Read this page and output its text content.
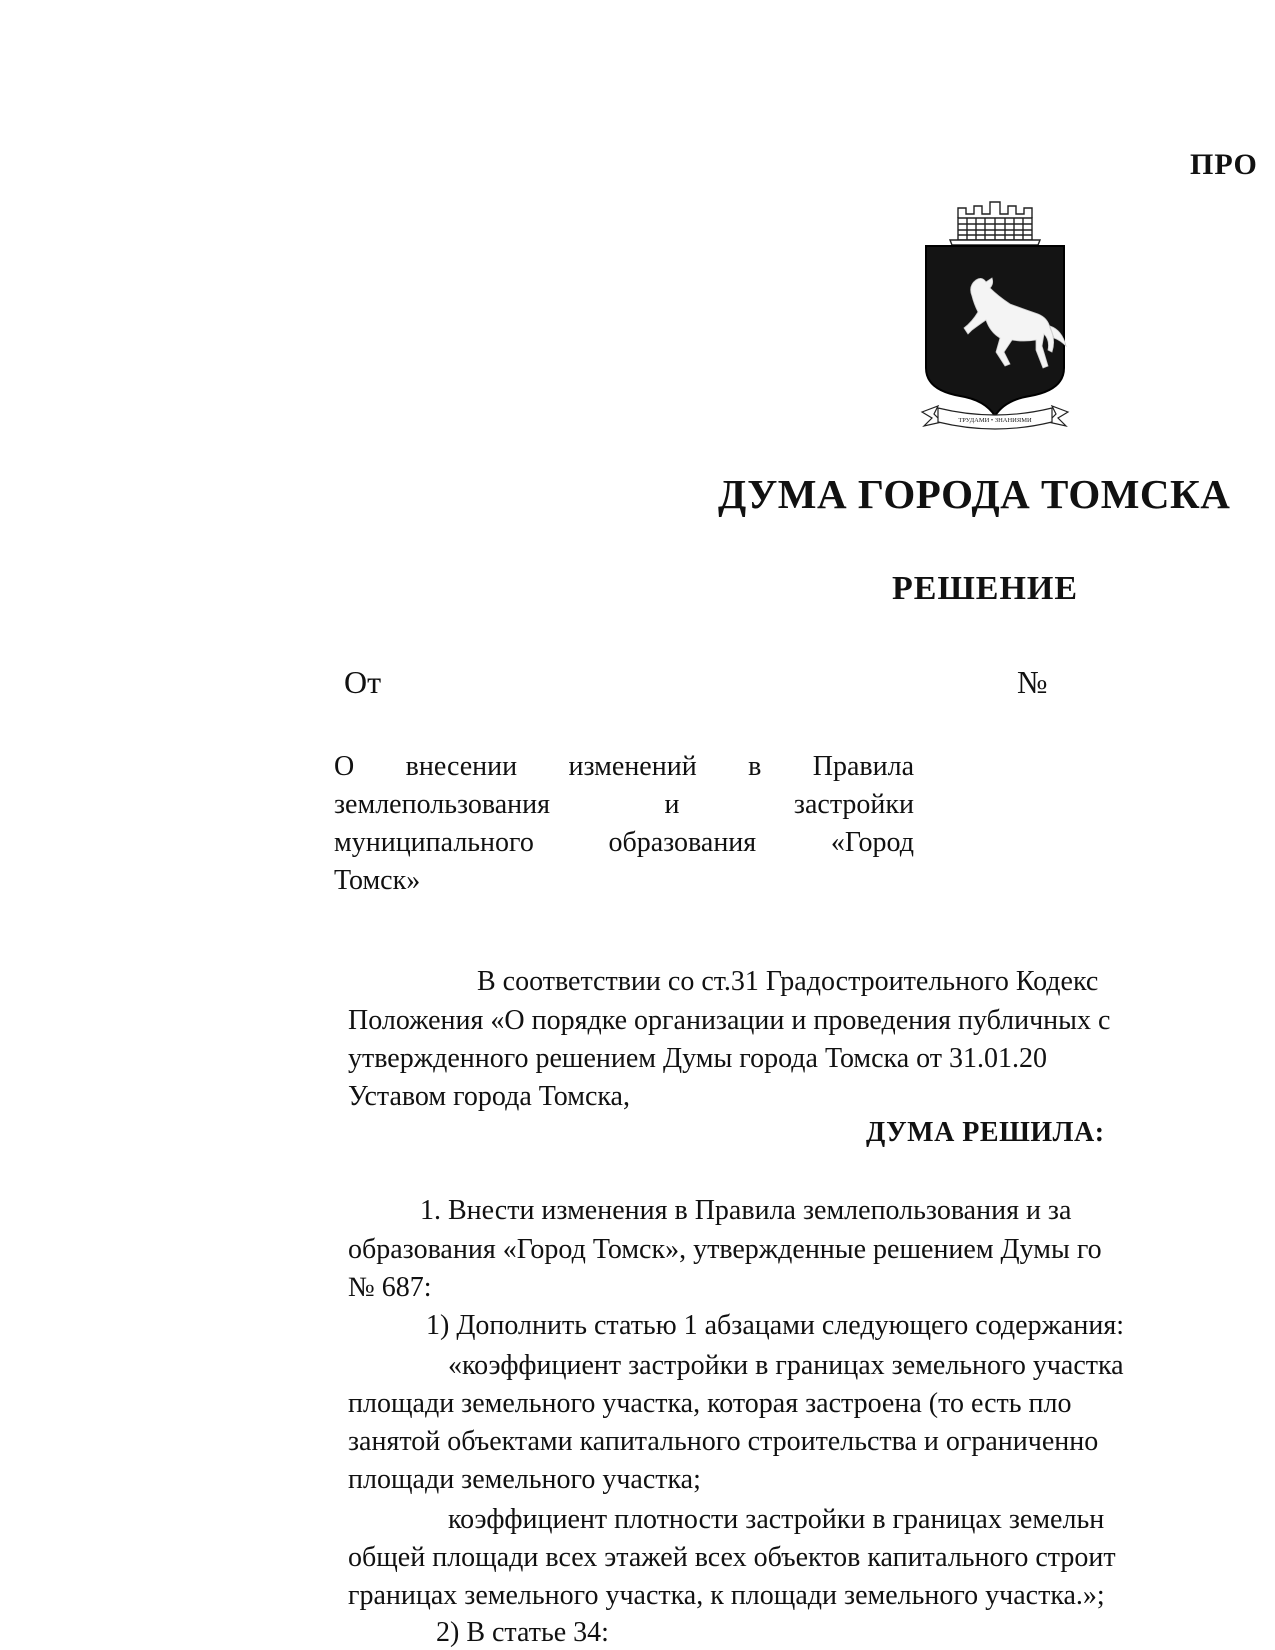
ПРО
ТРУДАМИ • ЗНАНИЯМИ
ДУМА ГОРОДА ТОМСКА
РЕШЕНИЕ
От	№
О внесении изменений в Правила
землепользования и застройки
муниципального образования «Город
Томск»
В соответствии со ст.31 Градостроительного Кодекс
Положения «О порядке организации и проведения публичных с
утвержденного решением Думы города Томска от 31.01.20
Уставом города Томска,
ДУМА РЕШИЛА:
1. Внести изменения в Правила землепользования и за
образования «Город Томск», утвержденные решением Думы го
№ 687:
1) Дополнить статью 1 абзацами следующего содержания:
«коэффициент застройки в границах земельного участка
площади земельного участка, которая застроена (то есть пло
занятой объектами капитального строительства и ограниченно
площади земельного участка;
коэффициент плотности застройки в границах земельн
общей площади всех этажей всех объектов капитального строит
границах земельного участка, к площади земельного участка.»;
2) В статье 34:
